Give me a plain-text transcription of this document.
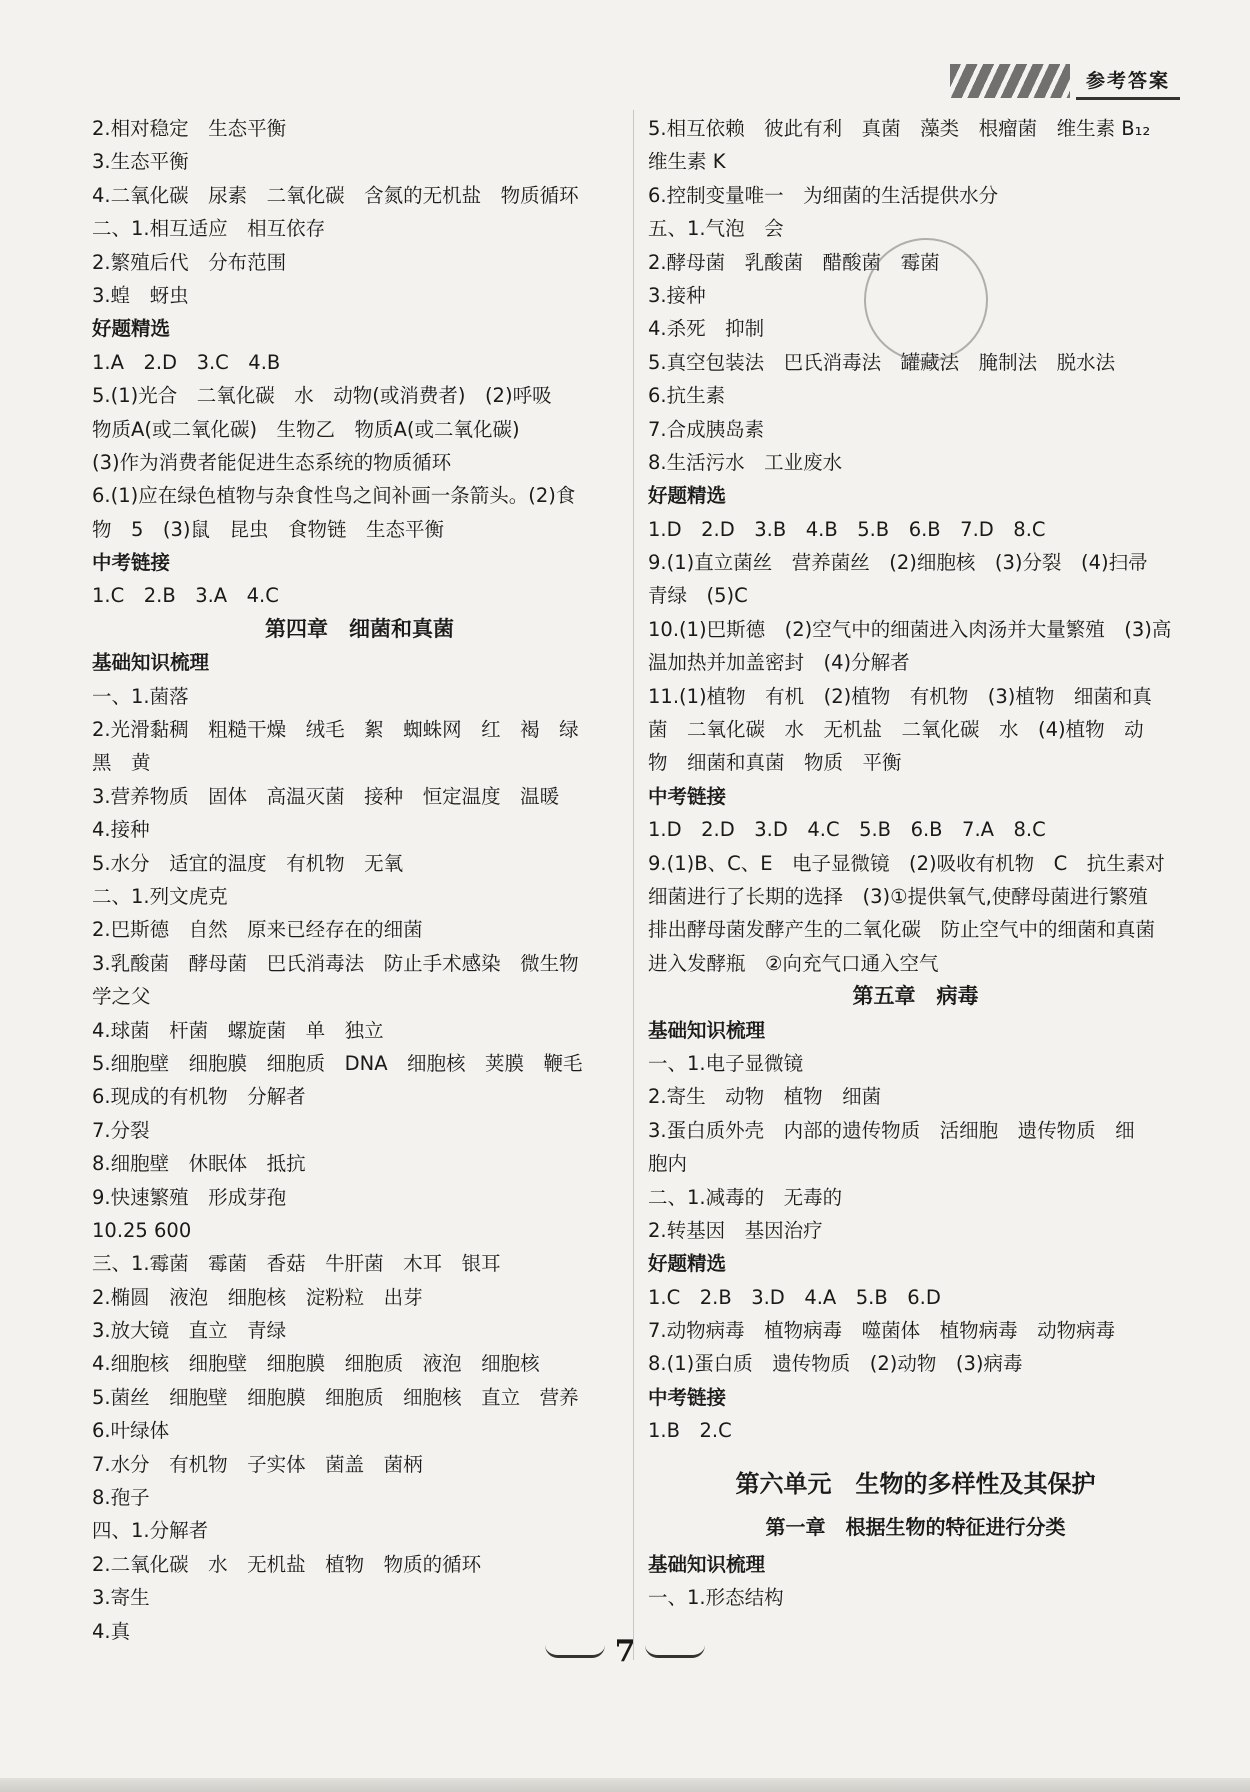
参考答案
2.相对稳定　生态平衡
3.生态平衡
4.二氧化碳　尿素　二氧化碳　含氮的无机盐　物质循环
二、1.相互适应　相互依存
2.繁殖后代　分布范围
3.蝗　蚜虫
好题精选
1.A　2.D　3.C　4.B
5.(1)光合　二氧化碳　水　动物(或消费者)　(2)呼吸
物质A(或二氧化碳)　生物乙　物质A(或二氧化碳)
(3)作为消费者能促进生态系统的物质循环
6.(1)应在绿色植物与杂食性鸟之间补画一条箭头。(2)食
物　5　(3)鼠　昆虫　食物链　生态平衡
中考链接
1.C　2.B　3.A　4.C
第四章　细菌和真菌
基础知识梳理
一、1.菌落
2.光滑黏稠　粗糙干燥　绒毛　絮　蜘蛛网　红　褐　绿
黑　黄
3.营养物质　固体　高温灭菌　接种　恒定温度　温暖
4.接种
5.水分　适宜的温度　有机物　无氧
二、1.列文虎克
2.巴斯德　自然　原来已经存在的细菌
3.乳酸菌　酵母菌　巴氏消毒法　防止手术感染　微生物
学之父
4.球菌　杆菌　螺旋菌　单　独立
5.细胞壁　细胞膜　细胞质　DNA　细胞核　荚膜　鞭毛
6.现成的有机物　分解者
7.分裂
8.细胞壁　休眠体　抵抗
9.快速繁殖　形成芽孢
10.25 600
三、1.霉菌　霉菌　香菇　牛肝菌　木耳　银耳
2.椭圆　液泡　细胞核　淀粉粒　出芽
3.放大镜　直立　青绿
4.细胞核　细胞壁　细胞膜　细胞质　液泡　细胞核
5.菌丝　细胞壁　细胞膜　细胞质　细胞核　直立　营养
6.叶绿体
7.水分　有机物　子实体　菌盖　菌柄
8.孢子
四、1.分解者
2.二氧化碳　水　无机盐　植物　物质的循环
3.寄生
4.真
5.相互依赖　彼此有利　真菌　藻类　根瘤菌　维生素 B₁₂
维生素 K
6.控制变量唯一　为细菌的生活提供水分
五、1.气泡　会
2.酵母菌　乳酸菌　醋酸菌　霉菌
3.接种
4.杀死　抑制
5.真空包装法　巴氏消毒法　罐藏法　腌制法　脱水法
6.抗生素
7.合成胰岛素
8.生活污水　工业废水
好题精选
1.D　2.D　3.B　4.B　5.B　6.B　7.D　8.C
9.(1)直立菌丝　营养菌丝　(2)细胞核　(3)分裂　(4)扫帚
青绿　(5)C
10.(1)巴斯德　(2)空气中的细菌进入肉汤并大量繁殖　(3)高
温加热并加盖密封　(4)分解者
11.(1)植物　有机　(2)植物　有机物　(3)植物　细菌和真
菌　二氧化碳　水　无机盐　二氧化碳　水　(4)植物　动
物　细菌和真菌　物质　平衡
中考链接
1.D　2.D　3.D　4.C　5.B　6.B　7.A　8.C
9.(1)B、C、E　电子显微镜　(2)吸收有机物　C　抗生素对
细菌进行了长期的选择　(3)①提供氧气,使酵母菌进行繁殖
排出酵母菌发酵产生的二氧化碳　防止空气中的细菌和真菌
进入发酵瓶　②向充气口通入空气
第五章　病毒
基础知识梳理
一、1.电子显微镜
2.寄生　动物　植物　细菌
3.蛋白质外壳　内部的遗传物质　活细胞　遗传物质　细
胞内
二、1.减毒的　无毒的
2.转基因　基因治疗
好题精选
1.C　2.B　3.D　4.A　5.B　6.D
7.动物病毒　植物病毒　噬菌体　植物病毒　动物病毒
8.(1)蛋白质　遗传物质　(2)动物　(3)病毒
中考链接
1.B　2.C
第六单元　生物的多样性及其保护
第一章　根据生物的特征进行分类
基础知识梳理
一、1.形态结构
7
